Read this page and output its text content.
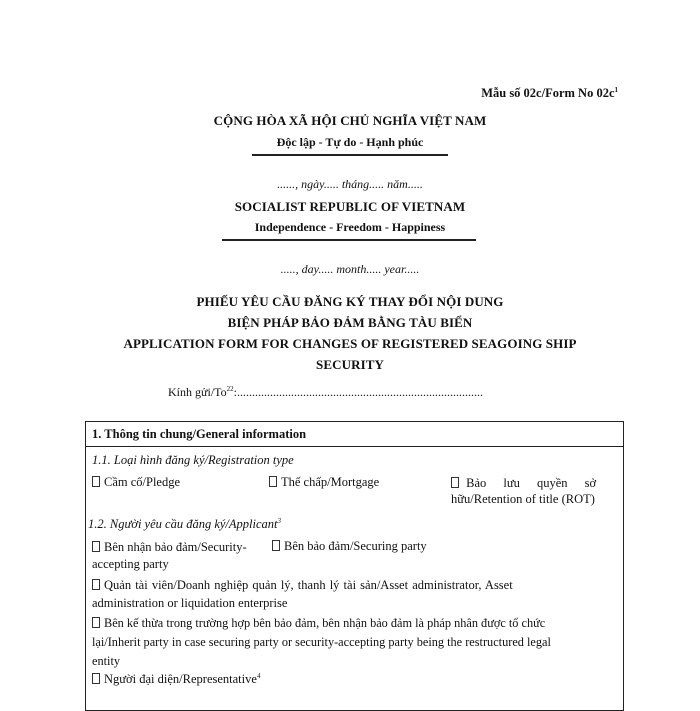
Mẫu số 02c/Form No $02c^1$
CỘNG HÒA XÃ HỘI CHỦ NGHĨA VIỆT NAM
Độc lập - Tự do - Hạnh phúc
......, ngày..... tháng..... năm.....
SOCIALIST REPUBLIC OF VIETNAM
Independence - Freedom - Happiness
....., day..... month..... year.....
PHIẾU YÊU CẦU ĐĂNG KÝ THAY ĐỔI NỘI DUNG
BIỆN PHÁP BẢO ĐẢM BẰNG TÀU BIỂN
APPLICATION FORM FOR CHANGES OF REGISTERED SEAGOING SHIP
SECURITY
Kính gửi/To$^{22}$:..................................................................................
1. Thông tin chung/General information
1.1. Loại hình đăng ký/Registration type
Cầm cố/Pledge	Thế chấp/Mortgage	Bảo lưu quyền sở
hữu/Retention of title (ROT)
1.2. Người yêu cầu đăng ký/Applicant$^3$
Bên nhận bảo đảm/Security-
accepting party
Bên bảo đảm/Securing party
Quản tài viên/Doanh nghiệp quản lý, thanh lý tài sản/Asset administrator, Asset
administration or liquidation enterprise
Bên kế thừa trong trường hợp bên bảo đảm, bên nhận bảo đảm là pháp nhân được tổ chức
lại/Inherit party in case securing party or security-accepting party being the restructured legal
entity
Người đại diện/Representative$^4$
